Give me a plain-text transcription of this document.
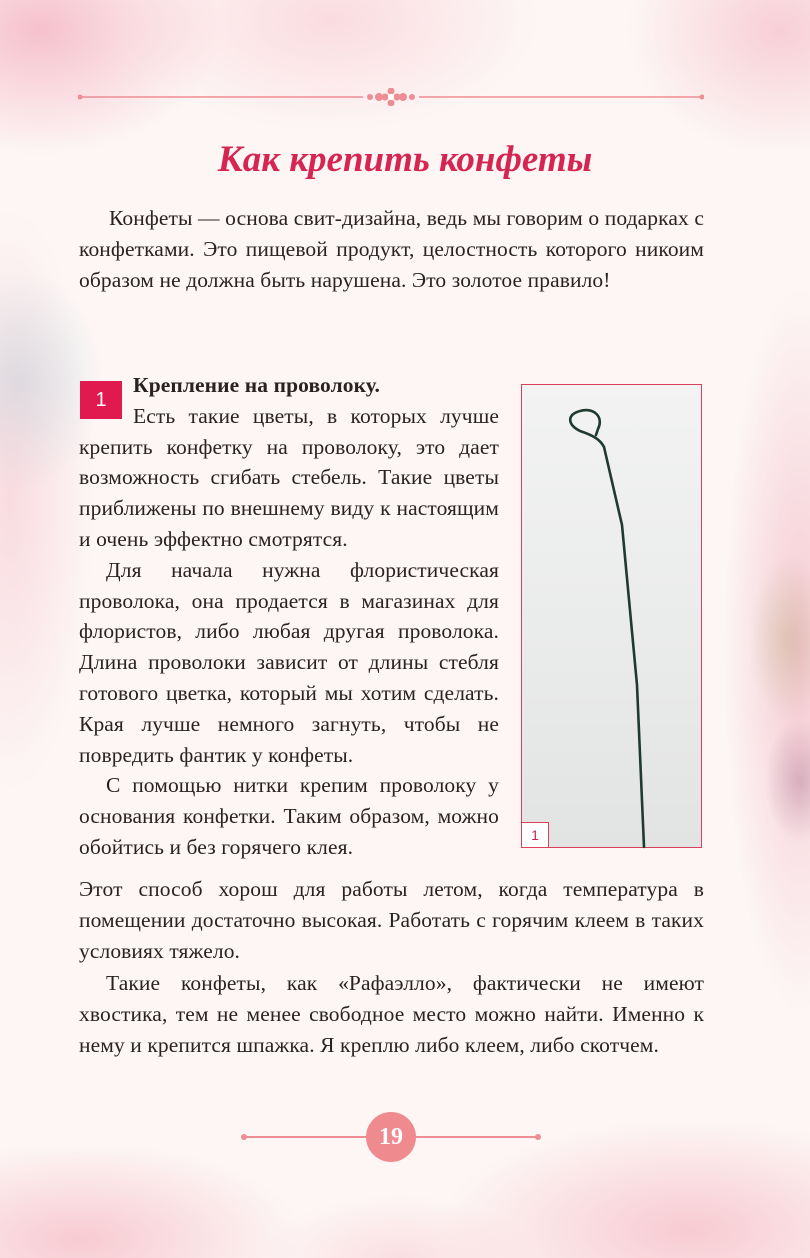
Как крепить конфеты

Конфеты — основа свит-дизайна, ведь мы говорим о подарках с конфетками. Это пищевой продукт, целостность которого никоим образом не должна быть нарушена. Это золотое правило!

1

Крепление на проволоку.

Есть такие цветы, в которых лучше крепить конфетку на проволоку, это дает возможность сгибать стебель. Такие цветы приближены по внешнему виду к настоящим и очень эффектно смотрятся.

Для начала нужна флористическая проволока, она продается в магазинах для флористов, либо любая другая проволока. Длина проволоки зависит от длины стебля готового цветка, который мы хотим сделать. Края лучше немного загнуть, чтобы не повредить фантик у конфеты.

С помощью нитки крепим проволоку у основания конфетки. Таким образом, можно обойтись и без горячего клея.	1

Этот способ хорош для работы летом, когда температура в помещении достаточно высокая. Работать с горячим клеем в таких условиях тяжело.

Такие конфеты, как «Рафаэлло», фактически не имеют хвостика, тем не менее свободное место можно найти. Именно к нему и крепится шпажка. Я креплю либо клеем, либо скотчем.

19
